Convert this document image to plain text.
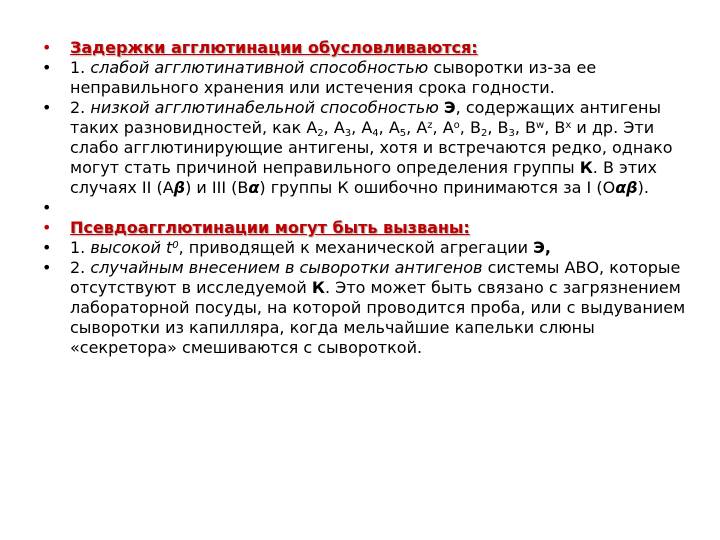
•	Задержки агглютинации обусловливаются:
•	1. слабой агглютинативной способностью сыворотки из-за ее неправильного хранения или истечения срока годности.
•	2. низкой агглютинабельной способностью Э, содержащих антигены таких разновидностей, как $А_2$, $А_3$, $А_4$, $А_5$, $А^z$, $А^о$, $В_2$, $В_3$, $В^w$, $В^x$ и др. Эти слабо агглютинирующие антигены, хотя и встречаются редко, однако могут стать причиной неправильного определения группы К. В этих случаях II (Аβ) и III (Вα) группы К ошибочно принимаются за I (Оαβ).
•
•	Псевдоагглютинации могут быть вызваны:
•	1. высокой $t^0$, приводящей к механической агрегации Э,
•	2. случайным внесением в сыворотки антигенов системы АВО, которые отсутствуют в исследуемой К. Это может быть связано с загрязнением лабораторной посуды, на которой проводится проба, или с выдуванием сыворотки из капилляра, когда мельчайшие капельки слюны «секретора» смешиваются с сывороткой.
